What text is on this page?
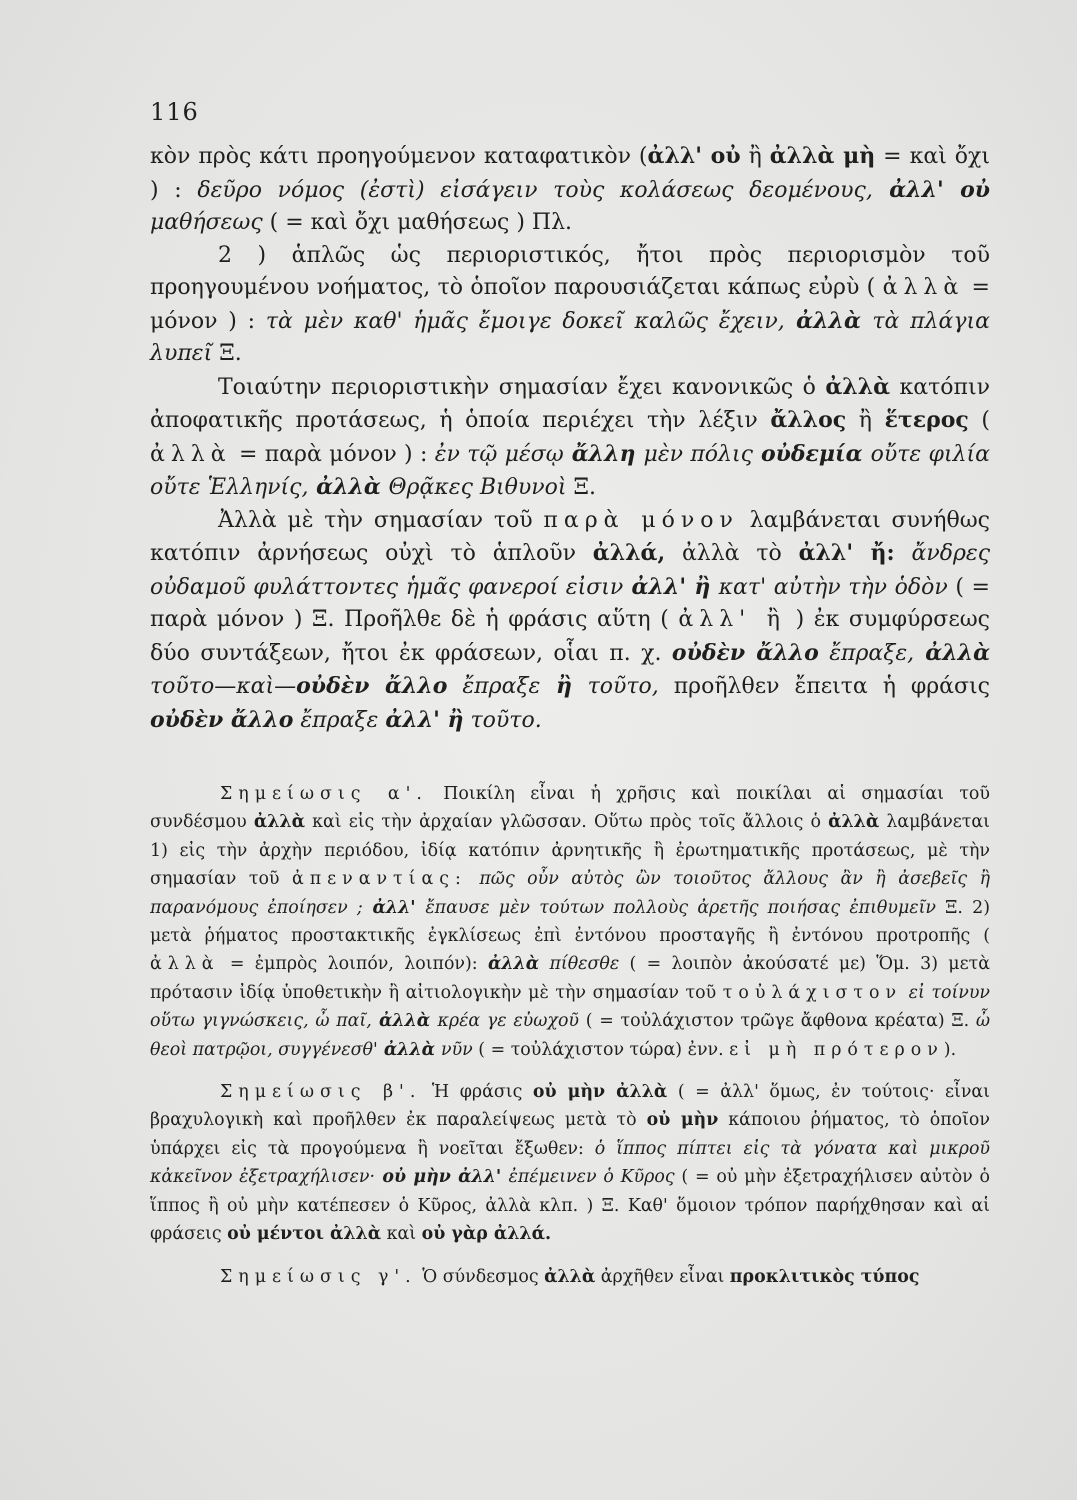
116

κὸν πρὸς κάτι προηγούμενον καταφατικὸν (ἀλλ' οὐ ἢ ἀλλὰ μὴ = καὶ ὄχι ) : δεῦρο νόμος (ἐστὶ) εἰσάγειν τοὺς κολάσεως δεομένους, ἀλλ' οὐ μαθήσεως ( = καὶ ὄχι μαθήσεως ) Πλ.

2 ) ἁπλῶς ὡς περιοριστικός, ἤτοι πρὸς περιορισμὸν τοῦ προηγουμένου νοήματος, τὸ ὁποῖον παρουσιάζεται κάπως εὐρὺ ( ἀλλὰ = μόνον ) : τὰ μὲν καθ' ἡμᾶς ἔμοιγε δοκεῖ καλῶς ἔχειν, ἀλλὰ τὰ πλάγια λυπεῖ Ξ.

Τοιαύτην περιοριστικὴν σημασίαν ἔχει κανονικῶς ὁ ἀλλὰ κατόπιν ἀποφατικῆς προτάσεως, ἡ ὁποία περιέχει τὴν λέξιν ἄλλος ἢ ἕτερος ( ἀλλὰ = παρὰ μόνον ) : ἐν τῷ μέσῳ ἄλλη μὲν πόλις οὐδεμία οὔτε φιλία οὔτε Ἑλληνίς, ἀλλὰ Θρᾷκες Βιθυνοὶ Ξ.

Ἀλλὰ μὲ τὴν σημασίαν τοῦ παρὰ μόνον λαμβάνεται συνήθως κατόπιν ἀρνήσεως οὐχὶ τὸ ἁπλοῦν ἀλλά, ἀλλὰ τὸ ἀλλ' ἤ: ἄνδρες οὐδαμοῦ φυλάττοντες ἡμᾶς φανεροί εἰσιν ἀλλ' ἢ κατ' αὐτὴν τὴν ὁδὸν ( = παρὰ μόνον ) Ξ. Προῆλθε δὲ ἡ φράσις αὕτη ( ἀλλ' ἢ ) ἐκ συμφύρσεως δύο συντάξεων, ἤτοι ἐκ φράσεων, οἷαι π. χ. οὐδὲν ἄλλο ἔπραξε, ἀλλὰ τοῦτο—καὶ—οὐδὲν ἄλλο ἔπραξε ἢ τοῦτο, προῆλθεν ἔπειτα ἡ φράσις οὐδὲν ἄλλο ἔπραξε ἀλλ' ἢ τοῦτο.

Σημείωσις α'. Ποικίλη εἶναι ἡ χρῆσις καὶ ποικίλαι αἱ σημασίαι τοῦ συνδέσμου ἀλλὰ καὶ εἰς τὴν ἀρχαίαν γλῶσσαν. Οὕτω πρὸς τοῖς ἄλλοις ὁ ἀλλὰ λαμβάνεται 1) εἰς τὴν ἀρχὴν περιόδου, ἰδίᾳ κατόπιν ἀρνητικῆς ἢ ἐρωτηματικῆς προτάσεως, μὲ τὴν σημασίαν τοῦ ἀπεναντίας: πῶς οὖν αὐτὸς ὢν τοιοῦτος ἄλλους ἂν ἢ ἀσεβεῖς ἢ παρανόμους ἐποίησεν ; ἀλλ' ἔπαυσε μὲν τούτων πολλοὺς ἀρετῆς ποιήσας ἐπιθυμεῖν Ξ. 2) μετὰ ῥήματος προστακτικῆς ἐγκλίσεως ἐπὶ ἐντόνου προσταγῆς ἢ ἐντόνου προτροπῆς ( ἀλλὰ = ἐμπρὸς λοιπόν, λοιπόν): ἀλλὰ πίθεσθε ( = λοιπὸν ἀκούσατέ με) Ὅμ. 3) μετὰ πρότασιν ἰδίᾳ ὑποθετικὴν ἢ αἰτιολογικὴν μὲ τὴν σημασίαν τοῦ τοὐλάχιστον εἰ τοίνυν οὕτω γιγνώσκεις, ὦ παῖ, ἀλλὰ κρέα γε εὐωχοῦ ( = τοὐλάχιστον τρῶγε ἄφθονα κρέατα) Ξ. ὦ θεοὶ πατρῷοι, συγγένεσθ' ἀλλὰ νῦν ( = τοὐλάχιστον τώρα) ἐνν. εἰ μὴ πρότερον).

Σημείωσις β'. Ἡ φράσις οὐ μὴν ἀλλὰ ( = ἀλλ' ὅμως, ἐν τούτοις· εἶναι βραχυλογικὴ καὶ προῆλθεν ἐκ παραλείψεως μετὰ τὸ οὐ μὴν κάποιου ῥήματος, τὸ ὁποῖον ὑπάρχει εἰς τὰ προγούμενα ἢ νοεῖται ἔξωθεν: ὁ ἵππος πίπτει εἰς τὰ γόνατα καὶ μικροῦ κἀκεῖνον ἐξετραχήλισεν· οὐ μὴν ἀλλ' ἐπέμεινεν ὁ Κῦρος ( = οὐ μὴν ἐξετραχήλισεν αὐτὸν ὁ ἵππος ἢ οὐ μὴν κατέπεσεν ὁ Κῦρος, ἀλλὰ κλπ. ) Ξ. Καθ' ὅμοιον τρόπον παρήχθησαν καὶ αἱ φράσεις οὐ μέντοι ἀλλὰ καὶ οὐ γὰρ ἀλλά.

Σημείωσις γ'. Ὁ σύνδεσμος ἀλλὰ ἀρχῆθεν εἶναι προκλιτικὸς τύπος
